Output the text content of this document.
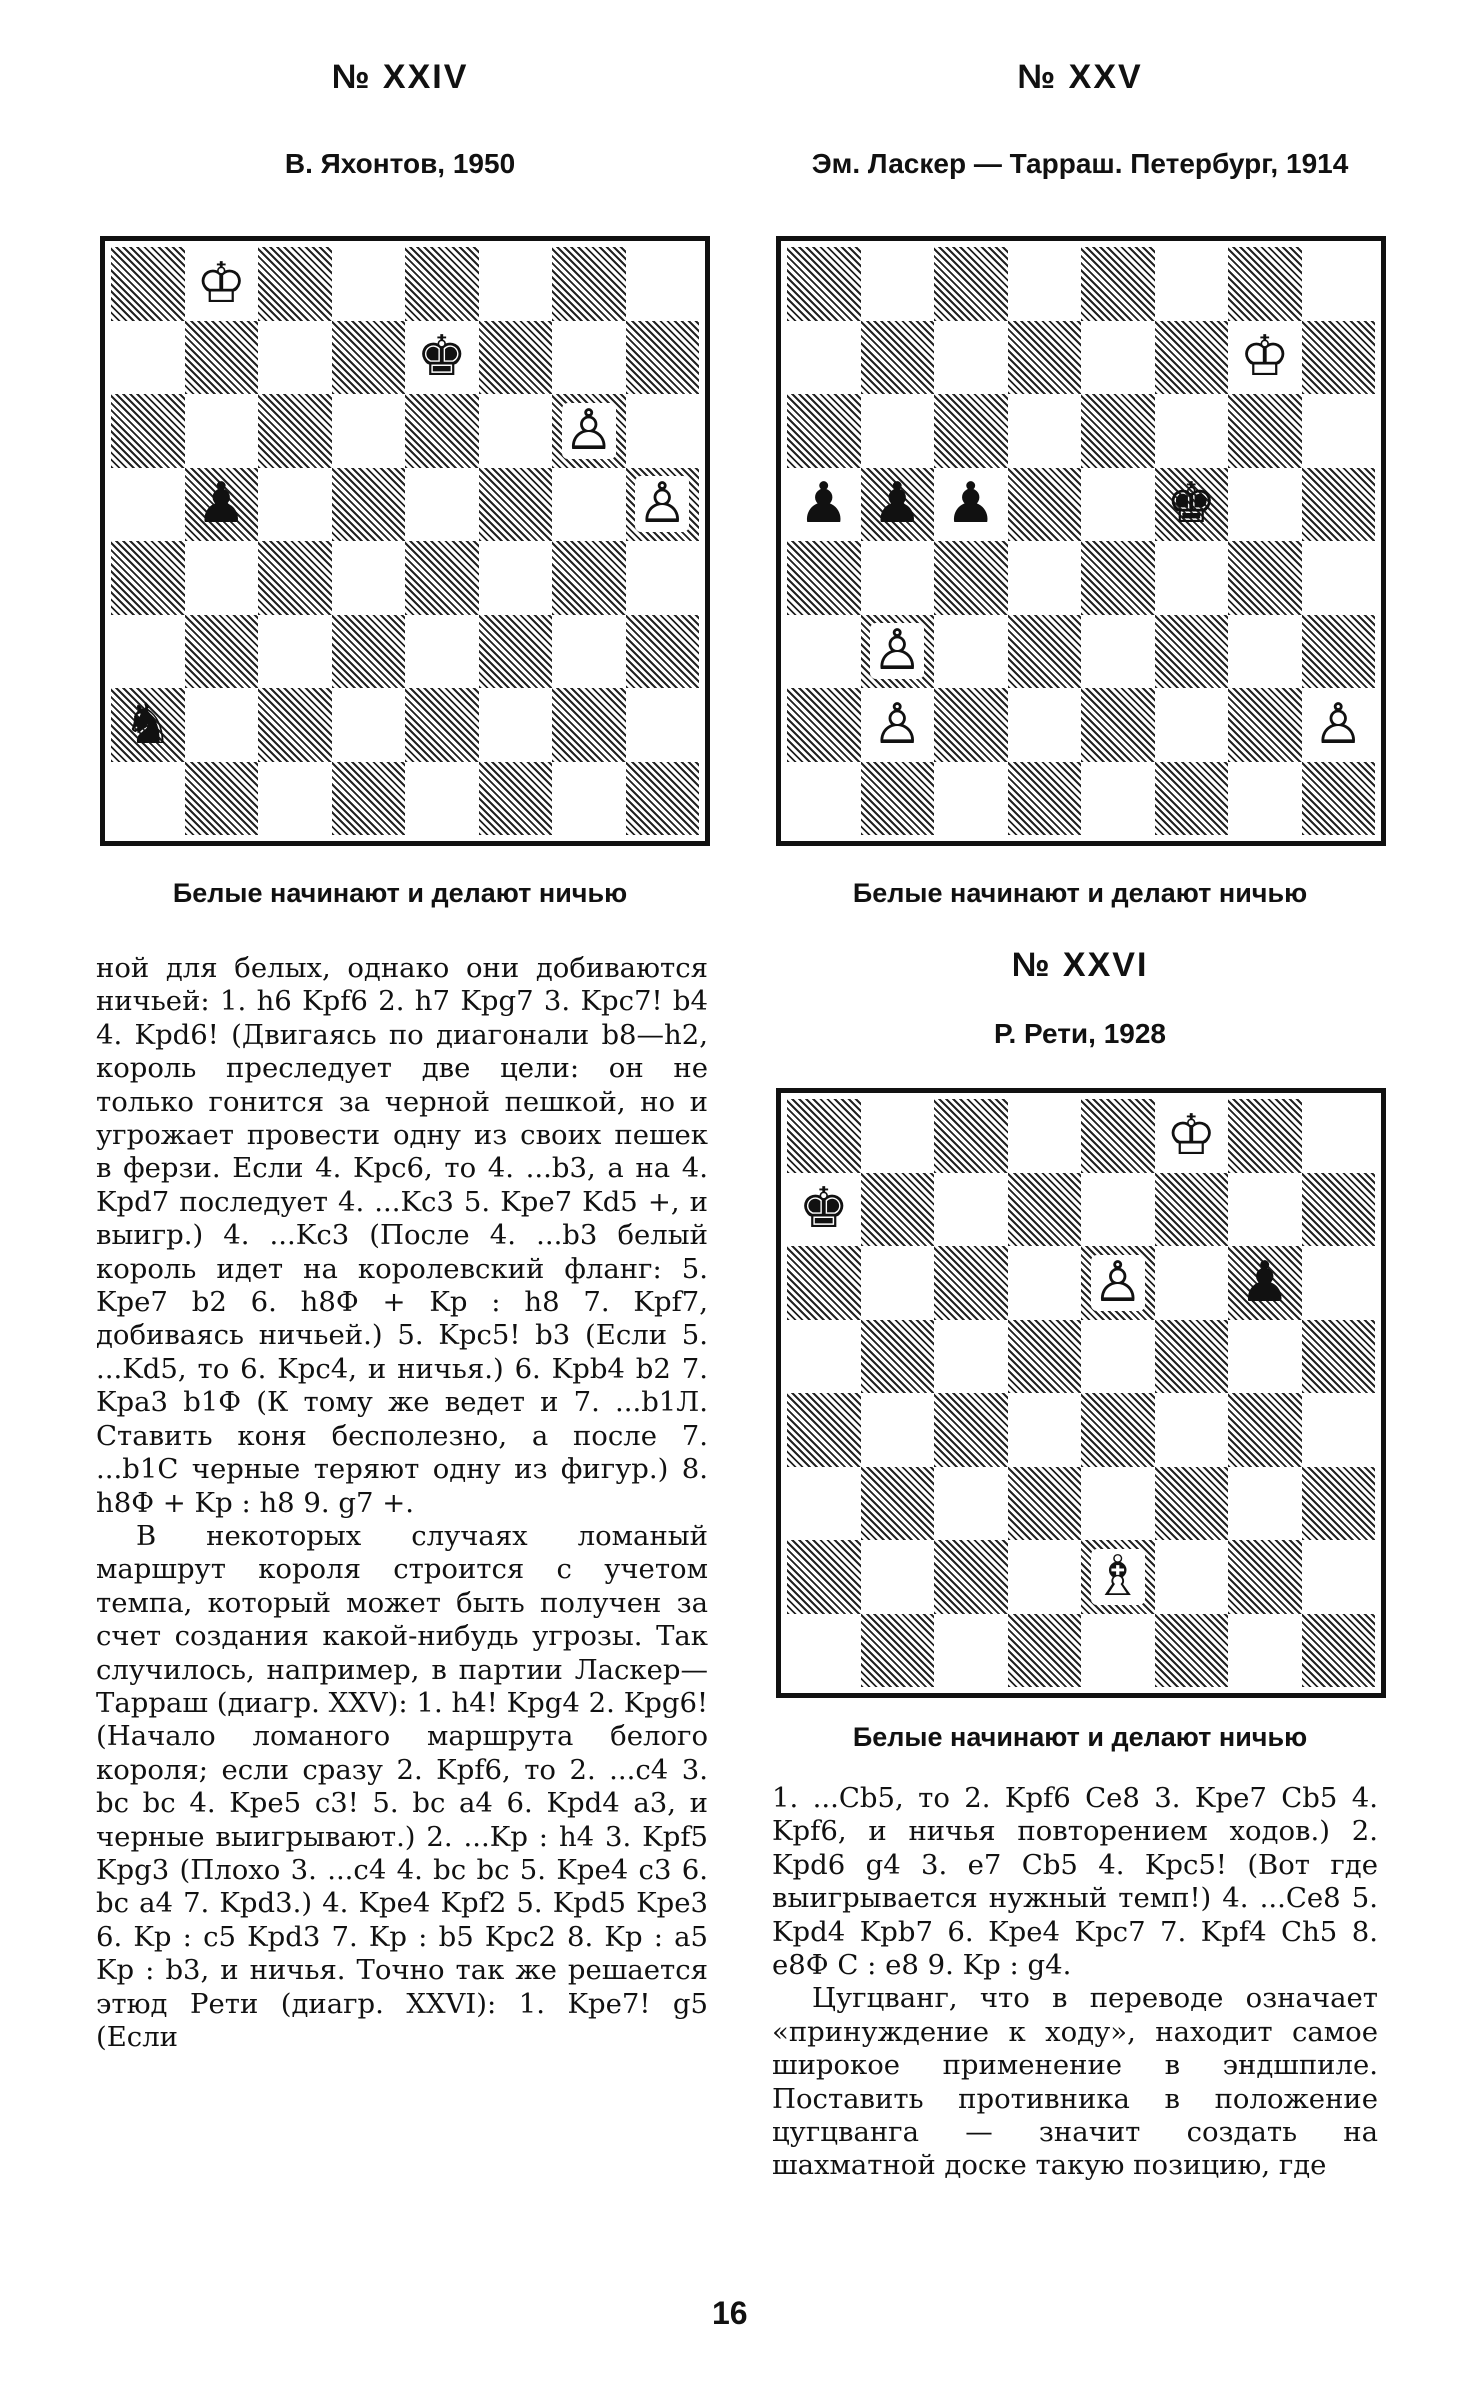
№ XXIV
В. Яхонтов, 1950
♔
♚
♙
♟	♙
♞
Белые начинают и делают ничью
№ XXV
Эм. Ласкер — Тарраш. Петербург, 1914
♔
♟ ♟ ♟	♚
♙
♙	♙
Белые начинают и делают ничью
№ XXVI
Р. Рети, 1928
♔
♚
♙ ♟
♗
Белые начинают и делают ничью

ной для белых, однако они добиваются ничьей: 1. h6 Kpf6 2. h7 Kpg7 3. Kpc7! b4 4. Kpd6! (Двигаясь по диагонали b8—h2, король преследует две цели: он не только гонится за черной пешкой, но и угрожает провести одну из своих пешек в ферзи. Если 4. Kpc6, то 4. ...b3, а на 4. Kpd7 последует 4. ...Kc3 5. Kpe7 Kd5 +, и выигр.) 4. ...Kc3 (После 4. ...b3 белый король идет на королевский фланг: 5. Kpe7 b2 6. h8Ф + Kp : h8 7. Kpf7, добиваясь ничьей.) 5. Kpc5! b3 (Если 5. ...Kd5, то 6. Kpc4, и ничья.) 6. Kpb4 b2 7. Kpa3 b1Ф (К тому же ведет и 7. ...b1Л. Ставить коня бесполезно, а после 7. ...b1C черные теряют одну из фигур.) 8. h8Ф + Kp : h8 9. g7 +.

В некоторых случаях ломаный маршрут короля строится с учетом темпа, который может быть получен за счет создания какой-нибудь угрозы. Так случилось, например, в партии Ласкер—Тарраш (диагр. XXV): 1. h4! Kpg4 2. Kpg6! (Начало ломаного маршрута белого короля; если сразу 2. Kpf6, то 2. ...c4 3. bc bc 4. Kpe5 c3! 5. bc a4 6. Kpd4 a3, и черные выигрывают.) 2. ...Kp : h4 3. Kpf5 Kpg3 (Плохо 3. ...c4 4. bc bc 5. Kpe4 c3 6. bc a4 7. Kpd3.) 4. Kpe4 Kpf2 5. Kpd5 Kpe3 6. Kp : c5 Kpd3 7. Kp : b5 Kpc2 8. Kp : a5 Kp : b3, и ничья. Точно так же решается этюд Рети (диагр. XXVI): 1. Kpe7! g5 (Если

1. ...Cb5, то 2. Kpf6 Ce8 3. Kpe7 Cb5 4. Kpf6, и ничья повторением ходов.) 2. Kpd6 g4 3. e7 Cb5 4. Kpc5! (Вот где выигрывается нужный темп!) 4. ...Ce8 5. Kpd4 Kpb7 6. Kpe4 Kpc7 7. Kpf4 Ch5 8. e8Ф C : e8 9. Kp : g4.

Цугцванг, что в переводе означает «принуждение к ходу», находит самое широкое применение в эндшпиле. Поставить противника в положение цугцванга — значит создать на шахматной доске такую позицию, где

16
